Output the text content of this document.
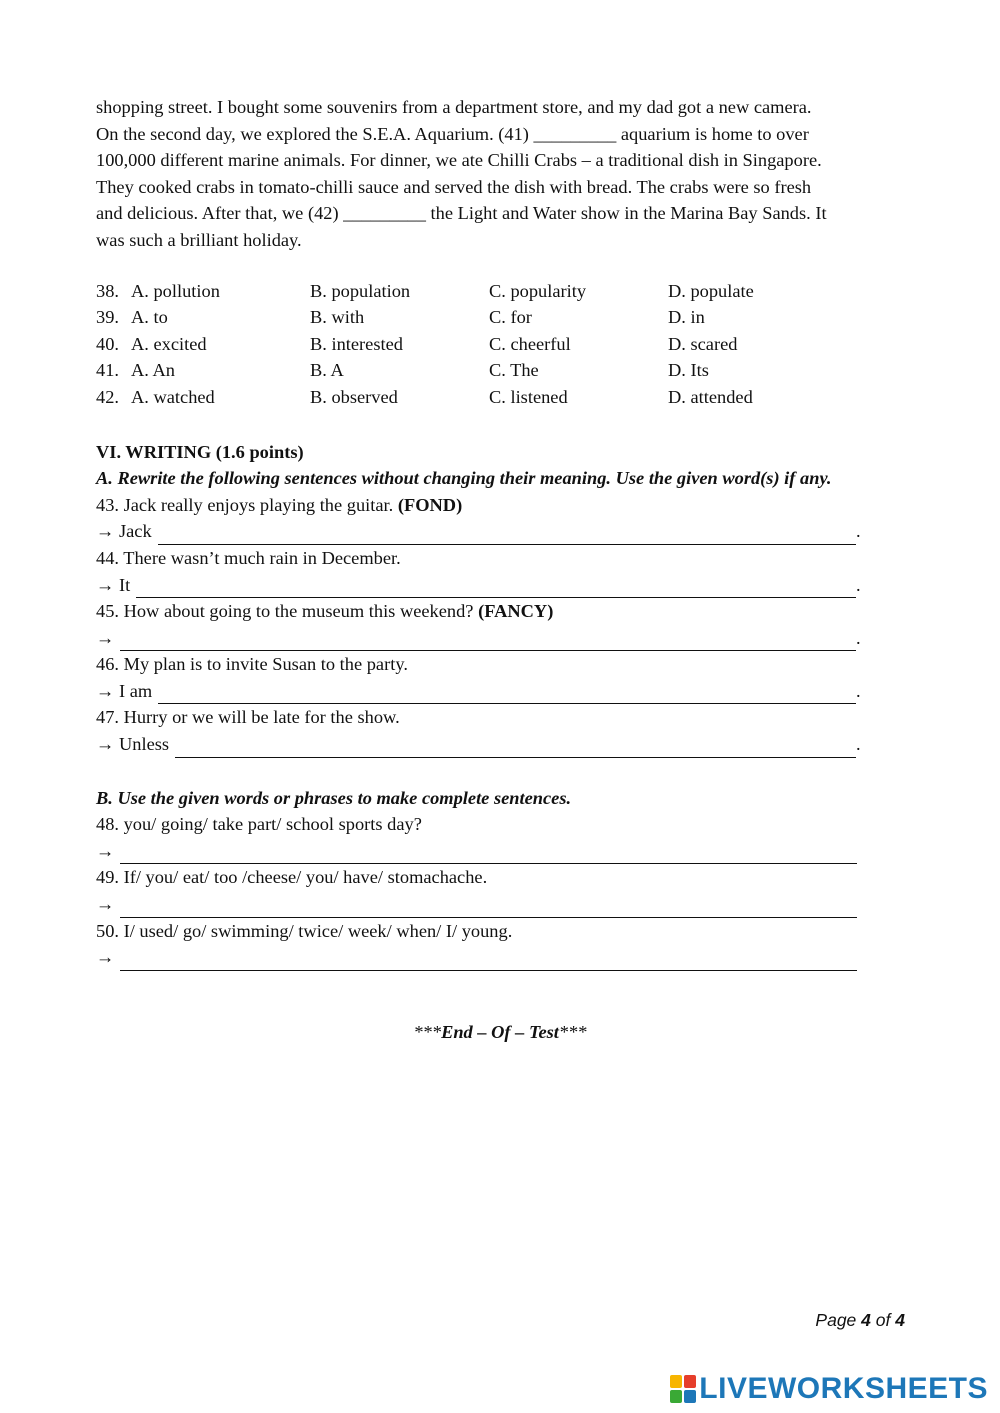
shopping street. I bought some souvenirs from a department store, and my dad got a new camera.
On the second day, we explored the S.E.A. Aquarium. (41) _________ aquarium is home to over
100,000 different marine animals. For dinner, we ate Chilli Crabs – a traditional dish in Singapore.
They cooked crabs in tomato-chilli sauce and served the dish with bread. The crabs were so fresh
and delicious. After that, we (42) _________ the Light and Water show in the Marina Bay Sands. It
was such a brilliant holiday.
38. A. pollution	B. population	C. popularity	D. populate
39. A. to	B. with	C. for	D. in
40. A. excited	B. interested	C. cheerful	D. scared
41. A. An	B. A	C. The	D. Its
42. A. watched	B. observed	C. listened	D. attended
VI. WRITING (1.6 points)
A. Rewrite the following sentences without changing their meaning. Use the given word(s) if any.
43. Jack really enjoys playing the guitar. (FOND)
→ Jack	.
44. There wasn’t much rain in December.
→ It	.
45. How about going to the museum this weekend? (FANCY)
→	.
46. My plan is to invite Susan to the party.
→ I am	.
47. Hurry or we will be late for the show.
→ Unless	.
B. Use the given words or phrases to make complete sentences.
48. you/ going/ take part/ school sports day?
→
49. If/ you/ eat/ too /cheese/ you/ have/ stomachache.
→
50. I/ used/ go/ swimming/ twice/ week/ when/ I/ young.
→
***End – Of – Test***
Page 4 of 4
LIVEWORKSHEETS
